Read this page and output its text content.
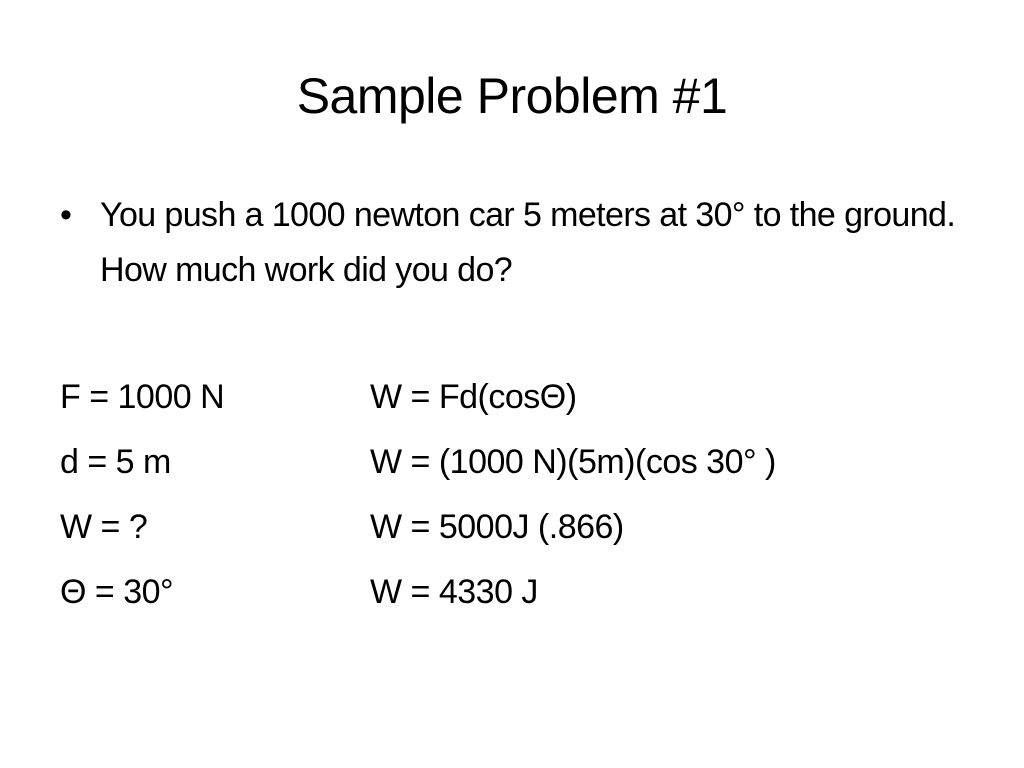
Sample Problem #1
• You push a 1000 newton car 5 meters at 30° to the ground. How much work did you do?
F = 1000 N	W = Fd(cosΘ)
d = 5 m	W = (1000 N)(5m)(cos 30° )
W = ?	W = 5000J (.866)
Θ = 30°	W = 4330 J
